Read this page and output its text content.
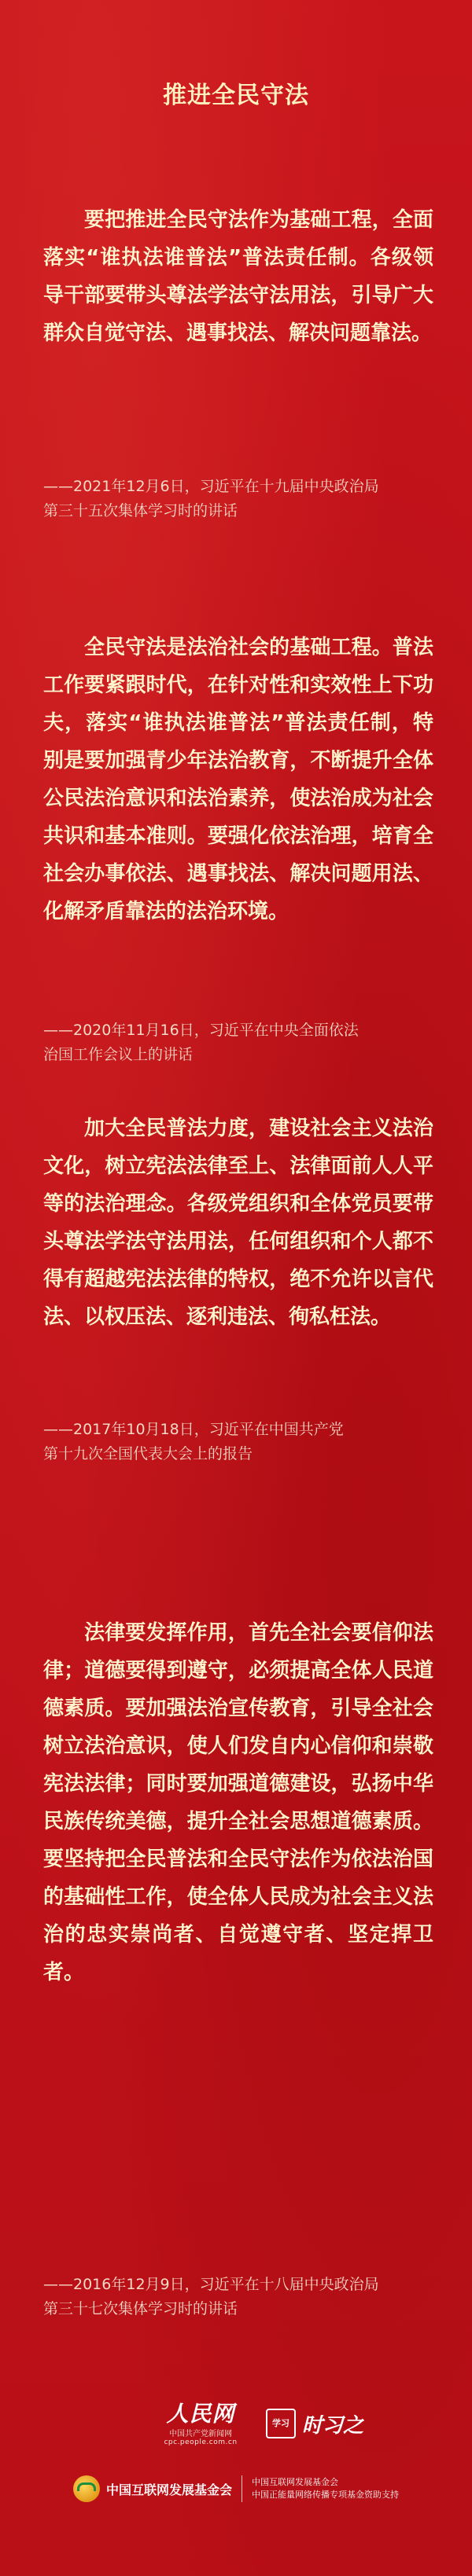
推进全民守法

要把推进全民守法作为基础工程，全面落实“谁执法谁普法”普法责任制。各级领导干部要带头尊法学法守法用法，引导广大群众自觉守法、遇事找法、解决问题靠法。

——2021年12月6日，习近平在十九届中央政治局
第三十五次集体学习时的讲话

全民守法是法治社会的基础工程。普法工作要紧跟时代，在针对性和实效性上下功夫，落实“谁执法谁普法”普法责任制，特别是要加强青少年法治教育，不断提升全体公民法治意识和法治素养，使法治成为社会共识和基本准则。要强化依法治理，培育全社会办事依法、遇事找法、解决问题用法、化解矛盾靠法的法治环境。

——2020年11月16日，习近平在中央全面依法
治国工作会议上的讲话

加大全民普法力度，建设社会主义法治文化，树立宪法法律至上、法律面前人人平等的法治理念。各级党组织和全体党员要带头尊法学法守法用法，任何组织和个人都不得有超越宪法法律的特权，绝不允许以言代法、以权压法、逐利违法、徇私枉法。

——2017年10月18日，习近平在中国共产党
第十九次全国代表大会上的报告

法律要发挥作用，首先全社会要信仰法律；道德要得到遵守，必须提高全体人民道德素质。要加强法治宣传教育，引导全社会树立法治意识，使人们发自内心信仰和崇敬宪法法律；同时要加强道德建设，弘扬中华民族传统美德，提升全社会思想道德素质。要坚持把全民普法和全民守法作为依法治国的基础性工作，使全体人民成为社会主义法治的忠实崇尚者、自觉遵守者、坚定捍卫者。

——2016年12月9日，习近平在十八届中央政治局
第三十七次集体学习时的讲话

人民网
中国共产党新闻网
cpc.people.com.cn
学习 时习之
中国互联网发展基金会 中国互联网发展基金会
中国正能量网络传播专项基金资助支持
